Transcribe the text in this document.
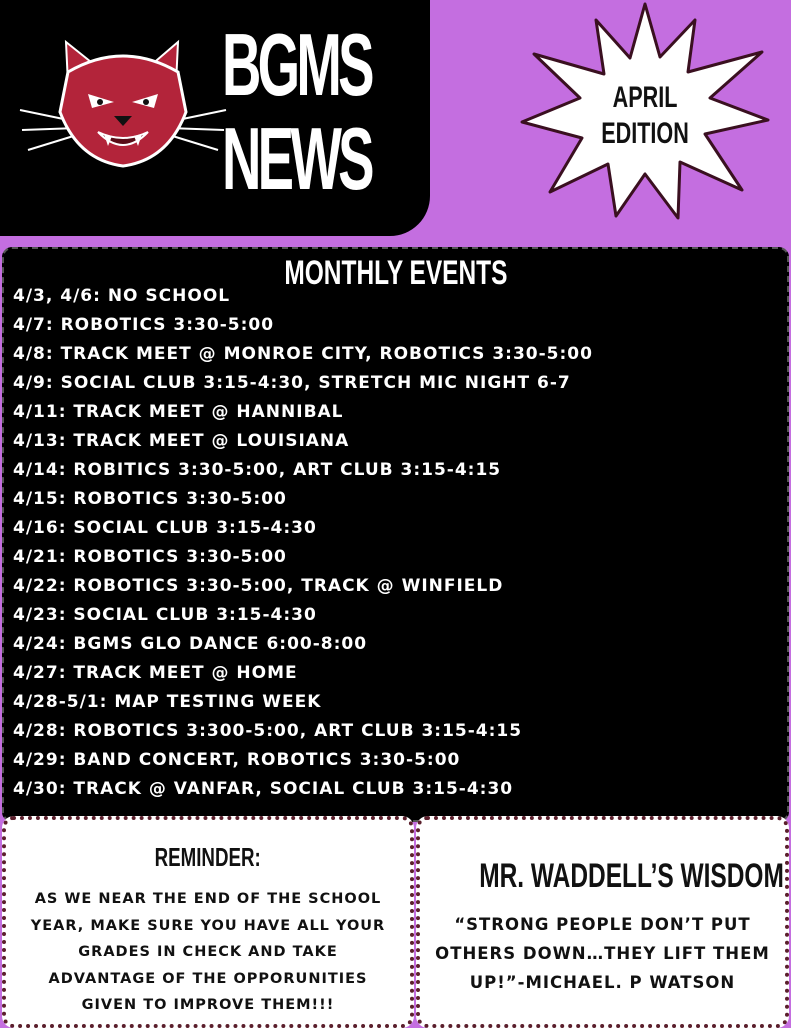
BGMS
NEWS
APRIL
EDITION
MONTHLY EVENTS
4/3, 4/6: NO SCHOOL
4/7: ROBOTICS 3:30-5:00
4/8: TRACK MEET @ MONROE CITY, ROBOTICS 3:30-5:00
4/9: SOCIAL CLUB 3:15-4:30, STRETCH MIC NIGHT 6-7
4/11: TRACK MEET @ HANNIBAL
4/13: TRACK MEET @ LOUISIANA
4/14: ROBITICS 3:30-5:00, ART CLUB 3:15-4:15
4/15: ROBOTICS 3:30-5:00
4/16: SOCIAL CLUB 3:15-4:30
4/21: ROBOTICS 3:30-5:00
4/22: ROBOTICS 3:30-5:00, TRACK @ WINFIELD
4/23: SOCIAL CLUB 3:15-4:30
4/24: BGMS GLO DANCE 6:00-8:00
4/27: TRACK MEET @ HOME
4/28-5/1: MAP TESTING WEEK
4/28: ROBOTICS 3:300-5:00, ART CLUB 3:15-4:15
4/29: BAND CONCERT, ROBOTICS 3:30-5:00
4/30: TRACK @ VANFAR, SOCIAL CLUB 3:15-4:30
REMINDER:
AS WE NEAR THE END OF THE SCHOOL YEAR, MAKE SURE YOU HAVE ALL YOUR GRADES IN CHECK AND TAKE ADVANTAGE OF THE OPPORUNITIES GIVEN TO IMPROVE THEM!!!
MR. WADDELL’S WISDOM
“STRONG PEOPLE DON’T PUT OTHERS DOWN…THEY LIFT THEM UP!”-MICHAEL. P WATSON
